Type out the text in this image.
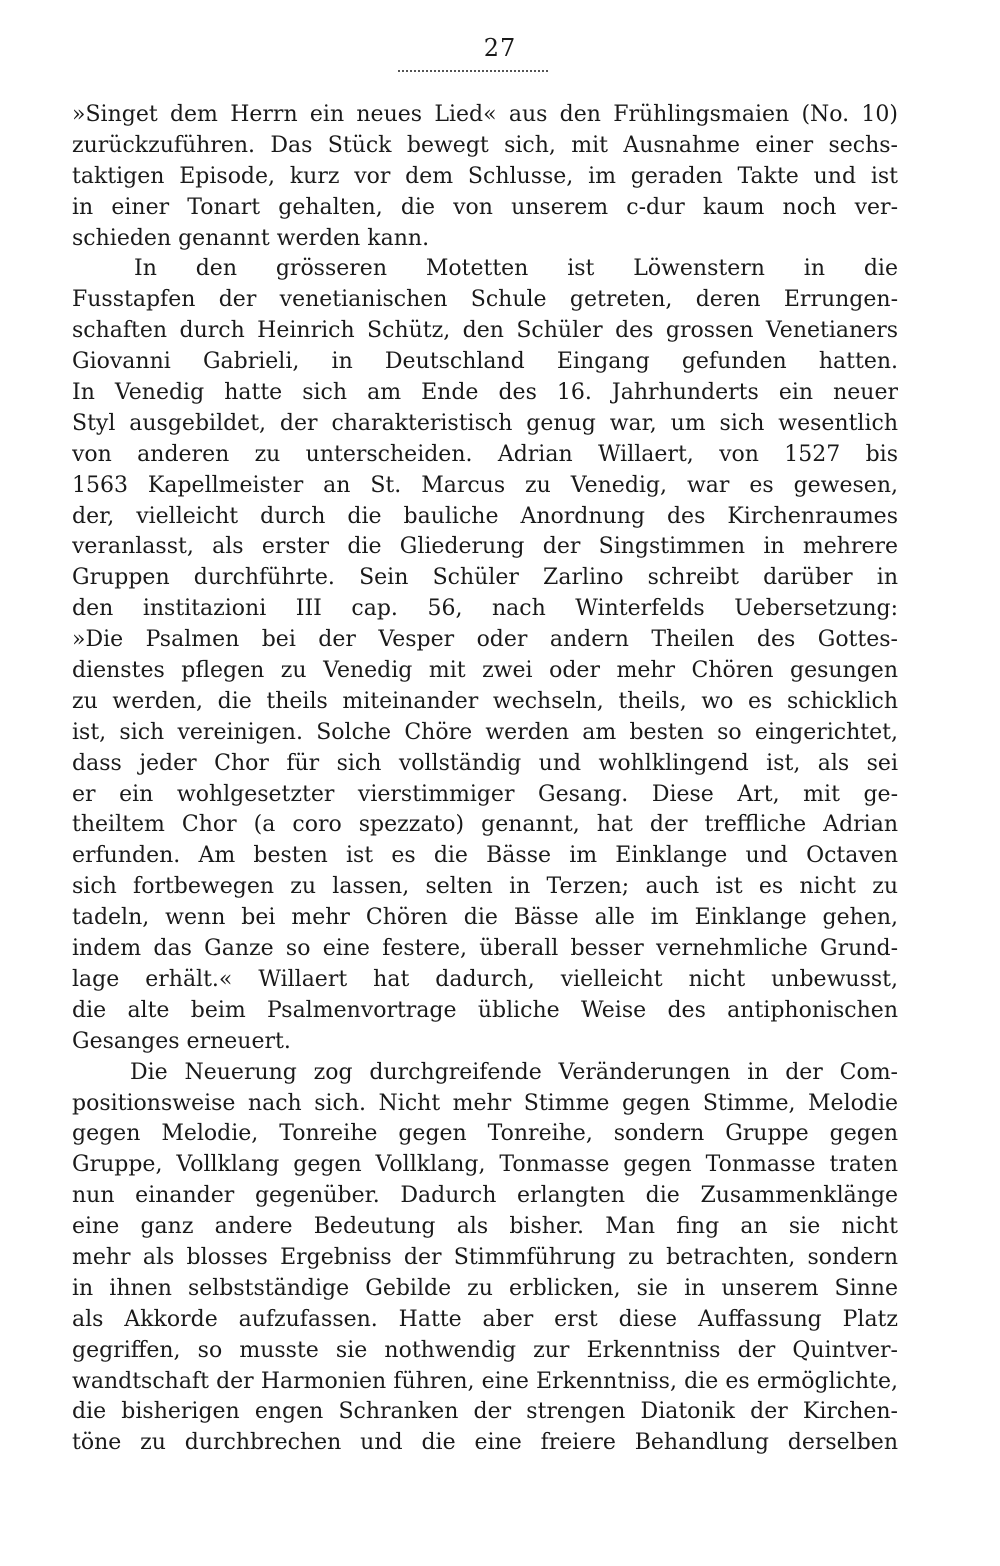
27
»Singet dem Herrn ein neues Lied« aus den Frühlingsmaien (No. 10)
zurückzuführen. Das Stück bewegt sich, mit Ausnahme einer sechs-
taktigen Episode, kurz vor dem Schlusse, im geraden Takte und ist
in einer Tonart gehalten, die von unserem c-dur kaum noch ver-
schieden genannt werden kann.
In den grösseren Motetten ist Löwenstern in die
Fusstapfen der venetianischen Schule getreten, deren Errungen-
schaften durch Heinrich Schütz, den Schüler des grossen Venetianers
Giovanni Gabrieli, in Deutschland Eingang gefunden hatten.
In Venedig hatte sich am Ende des 16. Jahrhunderts ein neuer
Styl ausgebildet, der charakteristisch genug war, um sich wesentlich
von anderen zu unterscheiden. Adrian Willaert, von 1527 bis
1563 Kapellmeister an St. Marcus zu Venedig, war es gewesen,
der, vielleicht durch die bauliche Anordnung des Kirchenraumes
veranlasst, als erster die Gliederung der Singstimmen in mehrere
Gruppen durchführte. Sein Schüler Zarlino schreibt darüber in
den institazioni III cap. 56, nach Winterfelds Uebersetzung:
»Die Psalmen bei der Vesper oder andern Theilen des Gottes-
dienstes pflegen zu Venedig mit zwei oder mehr Chören gesungen
zu werden, die theils miteinander wechseln, theils, wo es schicklich
ist, sich vereinigen. Solche Chöre werden am besten so eingerichtet,
dass jeder Chor für sich vollständig und wohlklingend ist, als sei
er ein wohlgesetzter vierstimmiger Gesang. Diese Art, mit ge-
theiltem Chor (a coro spezzato) genannt, hat der treffliche Adrian
erfunden. Am besten ist es die Bässe im Einklange und Octaven
sich fortbewegen zu lassen, selten in Terzen; auch ist es nicht zu
tadeln, wenn bei mehr Chören die Bässe alle im Einklange gehen,
indem das Ganze so eine festere, überall besser vernehmliche Grund-
lage erhält.« Willaert hat dadurch, vielleicht nicht unbewusst,
die alte beim Psalmenvortrage übliche Weise des antiphonischen
Gesanges erneuert.
Die Neuerung zog durchgreifende Veränderungen in der Com-
positionsweise nach sich. Nicht mehr Stimme gegen Stimme, Melodie
gegen Melodie, Tonreihe gegen Tonreihe, sondern Gruppe gegen
Gruppe, Vollklang gegen Vollklang, Tonmasse gegen Tonmasse traten
nun einander gegenüber. Dadurch erlangten die Zusammenklänge
eine ganz andere Bedeutung als bisher. Man fing an sie nicht
mehr als blosses Ergebniss der Stimmführung zu betrachten, sondern
in ihnen selbstständige Gebilde zu erblicken, sie in unserem Sinne
als Akkorde aufzufassen. Hatte aber erst diese Auffassung Platz
gegriffen, so musste sie nothwendig zur Erkenntniss der Quintver-
wandtschaft der Harmonien führen, eine Erkenntniss, die es ermöglichte,
die bisherigen engen Schranken der strengen Diatonik der Kirchen-
töne zu durchbrechen und die eine freiere Behandlung derselben
